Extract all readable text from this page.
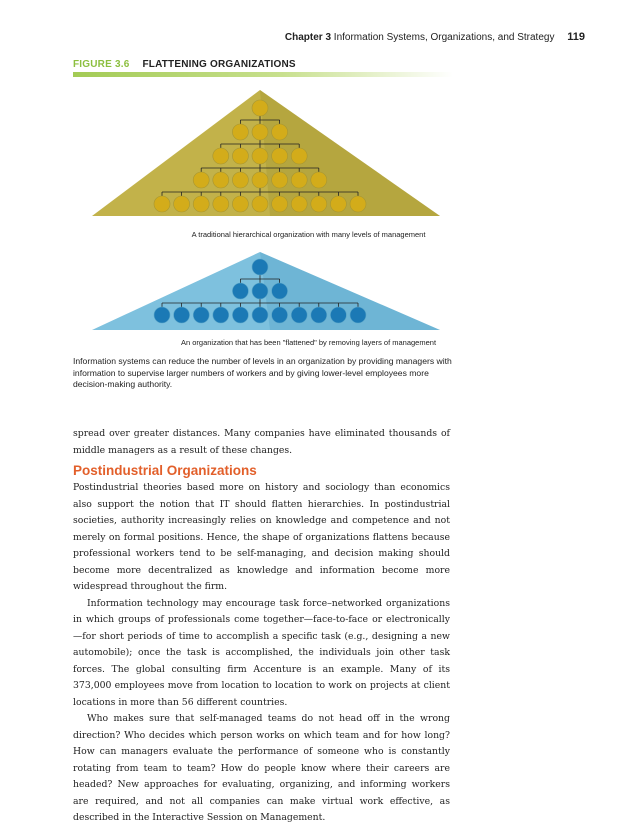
Chapter 3 Information Systems, Organizations, and Strategy 119
FIGURE 3.6 FLATTENING ORGANIZATIONS
A traditional hierarchical organization with many levels of management
An organization that has been "flattened" by removing layers of management
Information systems can reduce the number of levels in an organization by providing managers with information to supervise larger numbers of workers and by giving lower-level employees more decision-making authority.

spread over greater distances. Many companies have eliminated thousands of middle managers as a result of these changes.

Postindustrial Organizations

Postindustrial theories based more on history and sociology than economics also support the notion that IT should flatten hierarchies. In postindustrial societies, authority increasingly relies on knowledge and competence and not merely on formal positions. Hence, the shape of organizations flattens because professional workers tend to be self-managing, and decision making should become more decentralized as knowledge and information become more widespread throughout the firm.

Information technology may encourage task force–networked organizations in which groups of professionals come together—face-to-face or electronically—for short periods of time to accomplish a specific task (e.g., designing a new automobile); once the task is accomplished, the individuals join other task forces. The global consulting firm Accenture is an example. Many of its 373,000 employees move from location to location to work on projects at client locations in more than 56 different countries.

Who makes sure that self-managed teams do not head off in the wrong direction? Who decides which person works on which team and for how long? How can managers evaluate the performance of someone who is constantly rotating from team to team? How do people know where their careers are headed? New approaches for evaluating, organizing, and informing workers are required, and not all companies can make virtual work effective, as described in the Interactive Session on Management.
